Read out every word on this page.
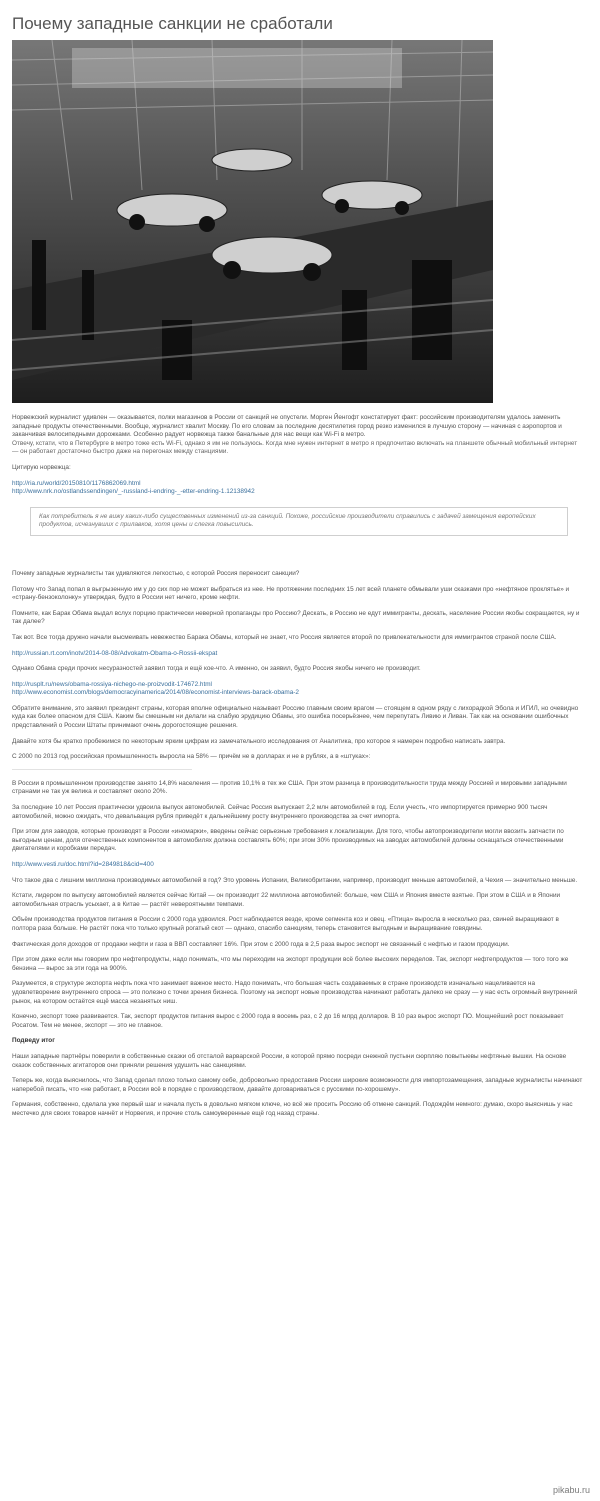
Почему западные санкции не сработали

Норвежский журналист удивлен — оказывается, полки магазинов в России от санкций не опустели. Морген Йенгофт констатирует факт: российским производителям удалось заменить западные продукты отечественными. Вообще, журналист хвалит Москву. По его словам за последние десятилетия город резко изменился в лучшую сторону — начиная с аэропортов и заканчивая велосипедными дорожками. Особенно радует норвежца также банальные для нас вещи как Wi-Fi в метро.

Отвечу, кстати, что в Петербурге в метро тоже есть Wi-Fi, однако я им не пользуюсь. Когда мне нужен интернет в метро я предпочитаю включать на планшете обычный мобильный интернет — он работает достаточно быстро даже на перегонах между станциями.

Цитирую норвежца:

http://ria.ru/world/20150810/1176862069.html
http://www.nrk.no/ostlandssendingen/_-russland-i-endring-_-etter-endring-1.12138942
Как потребитель я не вижу каких-либо существенных изменений из-за санкций. Похоже, российские производители справились с задачей замещения европейских продуктов, исчезнувших с прилавков, хотя цены и слегка повысились.

Почему западные журналисты так удивляются легкостью, с которой Россия переносит санкции?

Потому что Запад попал в выгрызенную им у до сих пор не может выбраться из нее. Не протяжении последних 15 лет всей планете обмывали уши сказками про «нефтяное проклятье» и «страну-бензоколонку» утверждая, будто в России нет ничего, кроме нефти.

Помните, как Барак Обама выдал вслух порцию практически неверной пропаганды про Россию? Дескать, в Россию не едут иммигранты, дескать, население России якобы сокращается, ну и так далее?

Так вот. Все тогда дружно начали высмеивать невежество Барака Обамы, который не знает, что Россия является второй по привлекательности для иммигрантов страной после США.

http://russian.rt.com/inotv/2014-08-08/Advokatm-Obama-o-Rossii-ekspat

Однако Обама среди прочих несуразностей заявил тогда и ещё кое-что. А именно, он заявил, будто Россия якобы ничего не производит.

http://rusplt.ru/news/obama-rossiya-nichego-ne-proizvodit-174672.html
http://www.economist.com/blogs/democracyinamerica/2014/08/economist-interviews-barack-obama-2

Обратите внимание, это заявил президент страны, которая вполне официально называет Россию главным своим врагом — стоящем в одном ряду с лихорадкой Эбола и ИГИЛ, но очевидно куда как более опасном для США. Каким бы смешным ни делали на слабую эрудицию Обамы, это ошибка посерьёзнее, чем перепутать Ливию и Ливан. Так как на основании ошибочных представлений о России Штаты принимают очень дорогостоящие решения.

Давайте хотя бы кратко пробежимся по некоторым ярким цифрам из замечательного исследования от Аналитика, про которое я намерен подробно написать завтра.

С 2000 по 2013 год российская промышленность выросла на 58% — причём не в долларах и не в рублях, а в «штуках»:

В России в промышленном производстве занято 14,8% населения — против 10,1% в тех же США. При этом разница в производительности труда между Россией и мировыми западными странами не так уж велика и составляет около 20%.

За последние 10 лет Россия практически удвоила выпуск автомобилей. Сейчас Россия выпускает 2,2 млн автомобилей в год. Если учесть, что импортируется примерно 900 тысяч автомобилей, можно ожидать, что девальвация рубля приведёт к дальнейшему росту внутреннего производства за счет импорта.

При этом для заводов, которые производят в России «иномарки», введены сейчас серьезные требования к локализации. Для того, чтобы автопроизводители могли ввозить запчасти по выгодным ценам, доля отечественных компонентов в автомобилях должна составлять 60%; при этом 30% производимых на заводах автомобилей должны оснащаться отечественными двигателями и коробками передач.

http://www.vesti.ru/doc.html?id=2849818&cid=400

Что такое два с лишним миллиона производимых автомобилей в год? Это уровень Испании, Великобритании, например, производит меньше автомобилей, а Чехия — значительно меньше.

Кстати, лидером по выпуску автомобилей является сейчас Китай — он производит 22 миллиона автомобилей: больше, чем США и Япония вместе взятые. При этом в США и в Японии автомобильная отрасль усыхает, а в Китае — растёт невероятными темпами.

Объём производства продуктов питания в России с 2000 года удвоился. Рост наблюдается везде, кроме сегмента коз и овец. «Птица» выросла в несколько раз, свиней выращивают в полтора раза больше. Не растёт пока что только крупный рогатый скот — однако, спасибо санкциям, теперь становится выгодным и выращивание говядины.

Фактическая доля доходов от продажи нефти и газа в ВВП составляет 16%. При этом с 2000 года в 2,5 раза вырос экспорт не связанный с нефтью и газом продукции.

При этом даже если мы говорим про нефтепродукты, надо понимать, что мы переходим на экспорт продукции всё более высоких переделов. Так, экспорт нефтепродуктов — того того же бензина — вырос за эти года на 900%.

Разумеется, в структуре экспорта нефть пока что занимает важное место. Надо понимать, что большая часть создаваемых в стране производств изначально нацеливается на удовлетворение внутреннего спроса — это полезно с точки зрения бизнеса. Поэтому на экспорт новые производства начинают работать далеко не сразу — у нас есть огромный внутренний рынок, на котором остаётся ещё масса незанятых ниш.

Конечно, экспорт тоже развивается. Так, экспорт продуктов питания вырос с 2000 года в восемь раз, с 2 до 16 млрд долларов. В 10 раз вырос экспорт ПО. Мощнейший рост показывает Росатом. Тем не менее, экспорт — это не главное.

Подведу итог

Наши западные партнёры поверили в собственные сказки об отсталой варварской России, в которой прямо посреди снежной пустыни сюрпляю повытыевы нефтяные вышки. На основе сказок собственных агитаторов они приняли решения удушить нас санкциями.

Теперь же, когда выяснилось, что Запад сделал плохо только самому себе, добровольно предоставив России широкие возможности для импортозамещения, западные журналисты начинают наперебой писать, что «не работает, в России всё в порядке с производством, давайте договариваться с русскими по-хорошему».

Германия, собственно, сделала уже первый шаг и начала пусть в довольно мягком ключе, но всё же просить Россию об отмене санкций. Подождём немного: думаю, скоро выяснишь у нас местечко для своих товаров начнёт и Норвегия, и прочие столь самоуверенные ещё год назад страны.

pikabu.ru
